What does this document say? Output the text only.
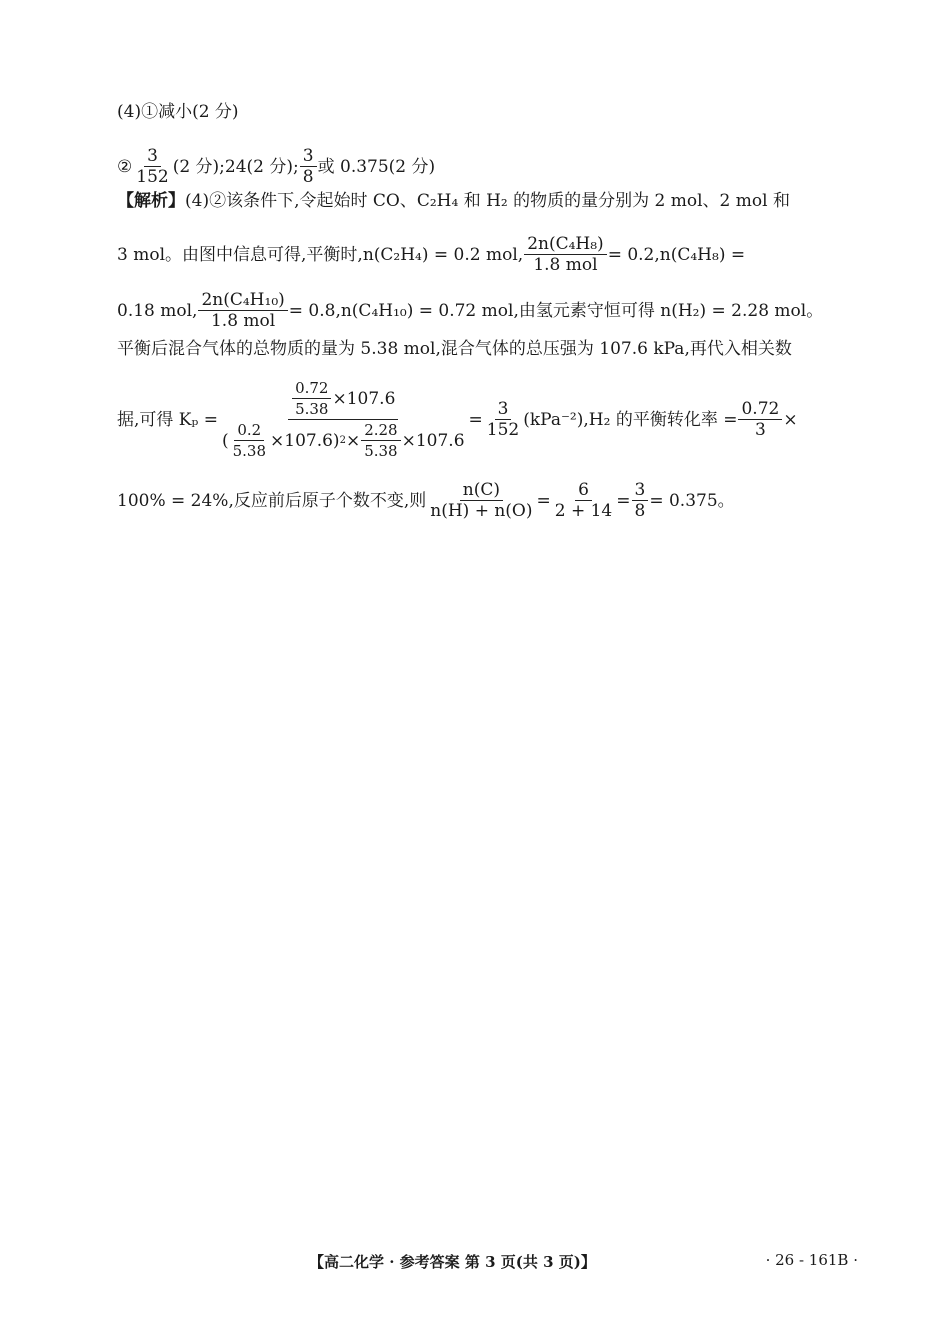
(4)①减小(2 分)
② $\frac{3}{152} (2$ 分);24(2 分); $\frac{3}{8}$ 或 0.375(2 分)
【解析】 (4)②该条件下,令起始时 CO、C₂H₄ 和 H₂ 的物质的量分别为 2 mol、2 mol 和
3 mol。由图中信息可得,平衡时,n(C₂H₄) = 0.2 mol, $\frac{\text{2n(C₄H₈)}}{\text{1.8 mol}} = 0.2,n(C_4H_8)$ =
0.18 mol, $\frac{\text{2n(C₄H₁₀)}}{\text{1.8 mol}} = 0.8,n(C_4H_{10}) = 0.72$ mol,由氢元素守恒可得 n(H₂) = 2.28 mol。
平衡后混合气体的总物质的量为 5.38 mol,混合气体的总压强为 107.6 kPa,再代入相关数
据,可得 Kₚ =
$\frac{0.72}{5.38} \times 107.6$
( $\frac{0.2}{5.38} \times 107.6$) $2 \times \frac{2.28}{5.38} \times 107.6$
= $\frac{3}{152} (kPa^{-2}),H_2$ 的平衡转化率 = $\frac{0.72}{3}$ ×
100% = 24%,反应前后原子个数不变,则 $\frac{n(C)}{n(H) + n(O)} = \frac{6}{2 + 14} = \frac{3}{8} = 0.375$。
【高二化学 · 参考答案 第 3 页(共 3 页)】	· 26 - 161B ·
